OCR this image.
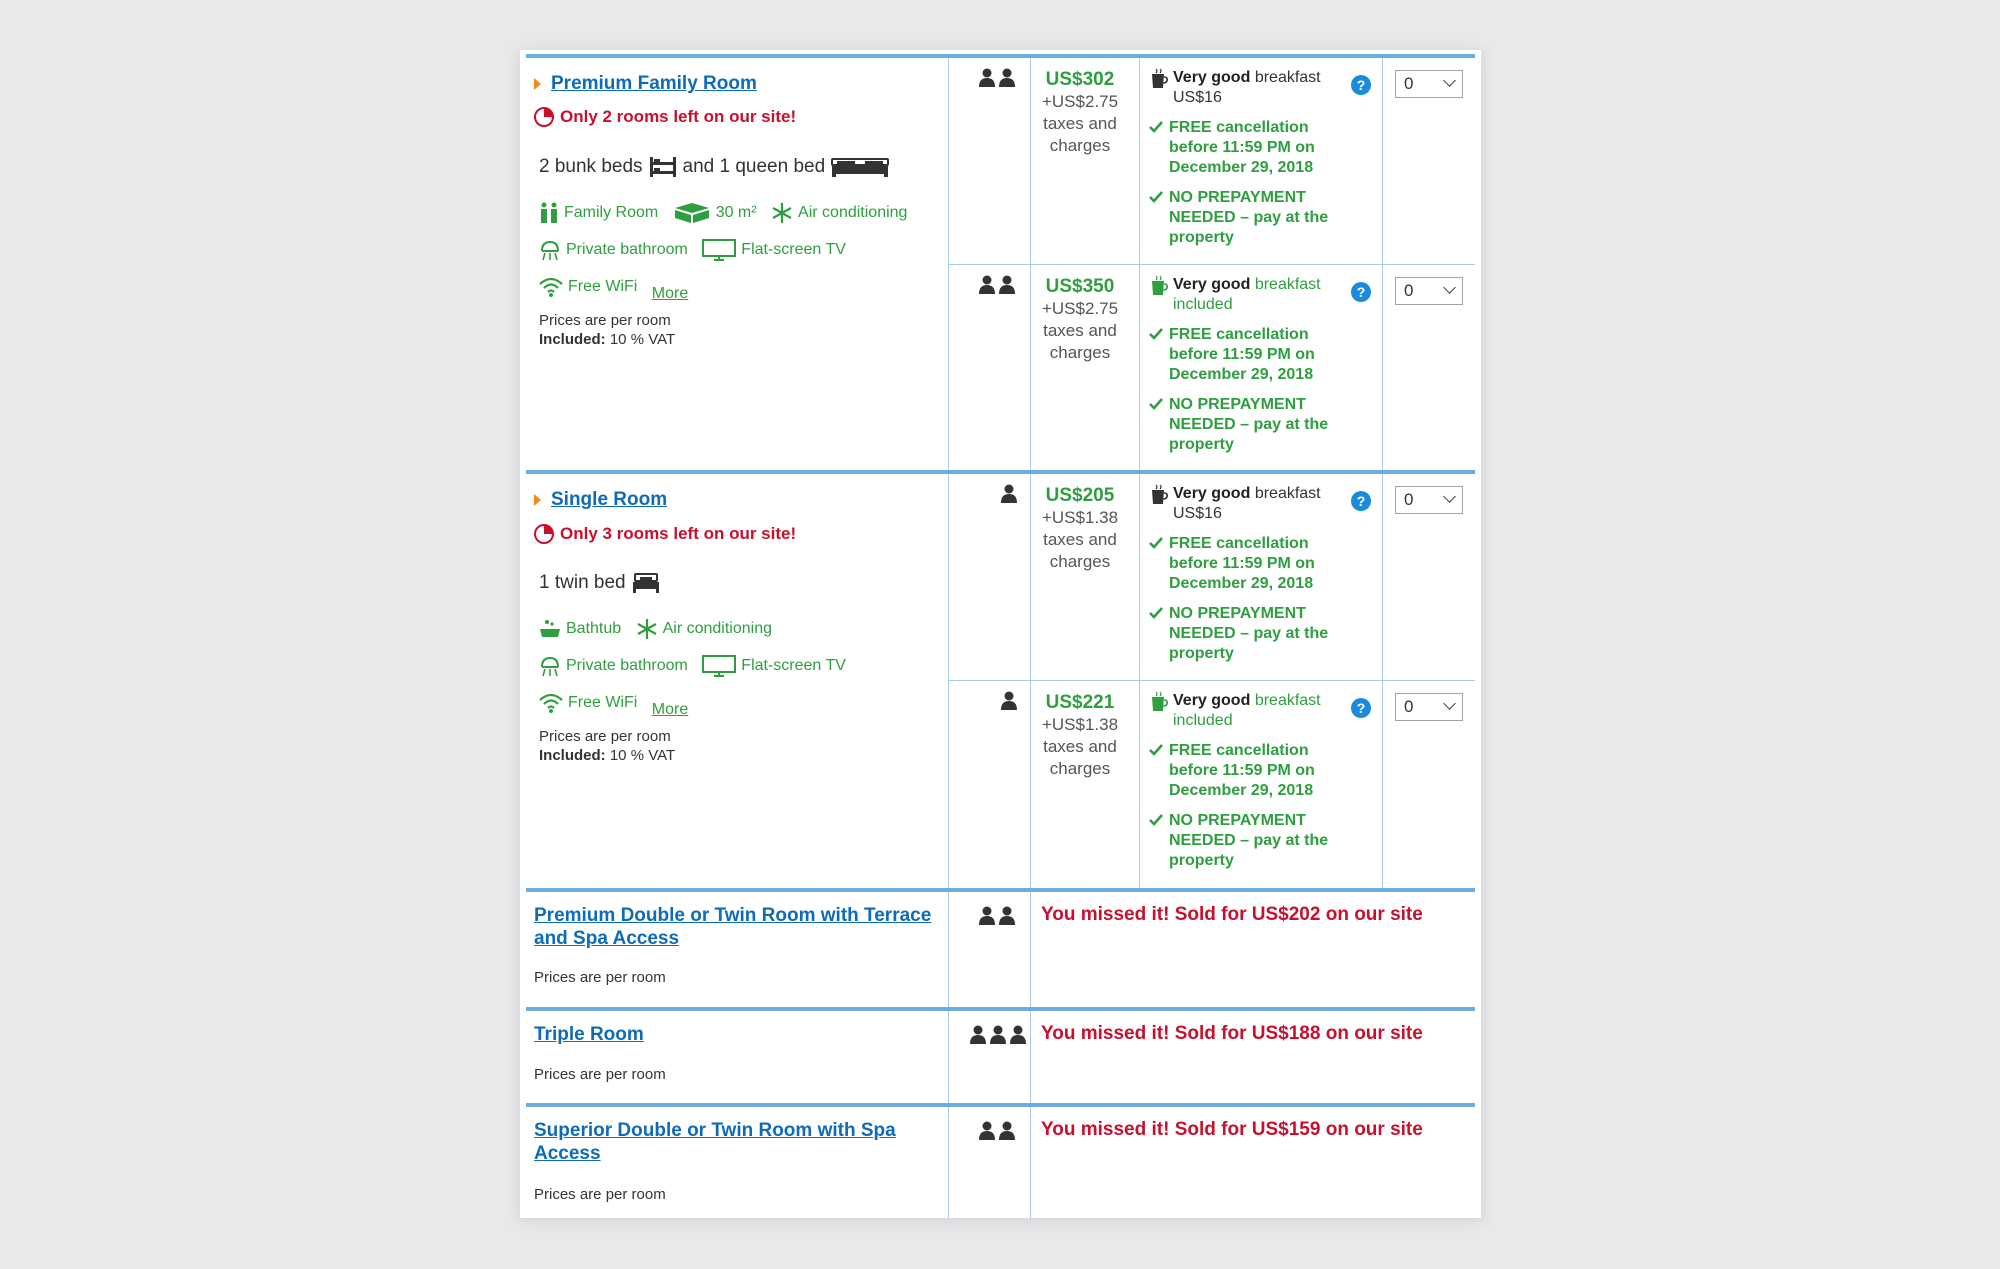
Premium Family Room
Only 2 rooms left on our site!
2 bunk beds and 1 queen bed
Family Room
	30 m²
	Air conditioning

Private bathroom
	Flat-screen TV

Free WiFi More
Prices are per room
Included: 10 % VAT
US$302
+US$2.75
taxes and
charges
Very good breakfast
US$16
FREE cancellation before 11:59 PM on December 29, 2018
NO PREPAYMENT NEEDED – pay at the property
?	0
US$350
+US$2.75
taxes and
charges
Very good breakfast
included
FREE cancellation before 11:59 PM on December 29, 2018
NO PREPAYMENT NEEDED – pay at the property
?	0
Single Room
Only 3 rooms left on our site!
1 twin bed
Bathtub
	Air conditioning

Private bathroom
	Flat-screen TV

Free WiFi More
Prices are per room
Included: 10 % VAT
US$205
+US$1.38
taxes and
charges
Very good breakfast
US$16
FREE cancellation before 11:59 PM on December 29, 2018
NO PREPAYMENT NEEDED – pay at the property
?	0
US$221
+US$1.38
taxes and
charges
Very good breakfast
included
FREE cancellation before 11:59 PM on December 29, 2018
NO PREPAYMENT NEEDED – pay at the property
?	0
Premium Double or Twin Room with Terrace
and Spa Access
Prices are per room
You missed it! Sold for US$202 on our site
Triple Room
Prices are per room
You missed it! Sold for US$188 on our site
Superior Double or Twin Room with Spa
Access
Prices are per room
You missed it! Sold for US$159 on our site
